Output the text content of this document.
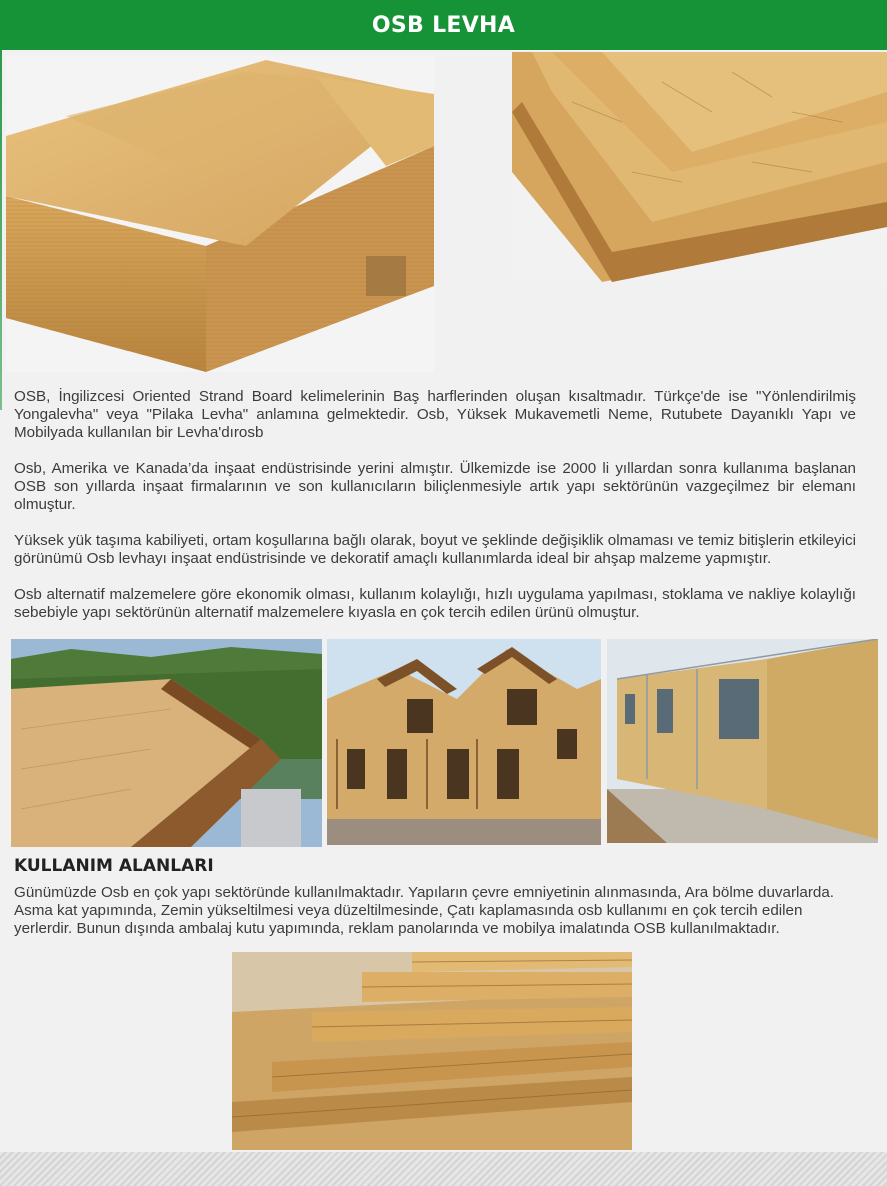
OSB LEVHA
OSB, İngilizcesi Oriented Strand Board kelimelerinin Baş harflerinden oluşan kısaltmadır. Türkçe'de ise "Yönlendirilmiş Yongalevha" veya "Pilaka Levha" anlamına gelmektedir. Osb, Yüksek Mukavemetli Neme, Rutubete Dayanıklı Yapı ve Mobilyada kullanılan bir Levha'dırosb
Osb, Amerika ve Kanada’da inşaat endüstrisinde yerini almıştır. Ülkemizde ise 2000 li yıllardan sonra kullanıma başlanan OSB son yıllarda inşaat firmalarının ve son kullanıcıların biliçlenmesiyle artık yapı sektörünün vazgeçilmez bir elemanı olmuştur.
Yüksek yük taşıma kabiliyeti, ortam koşullarına bağlı olarak, boyut ve şeklinde değişiklik olmaması ve temiz bitişlerin etkileyici görünümü Osb levhayı inşaat endüstrisinde ve dekoratif amaçlı kullanımlarda ideal bir ahşap malzeme yapmıştır.
Osb alternatif malzemelere göre ekonomik olması, kullanım kolaylığı, hızlı uygulama yapılması, stoklama ve nakliye kolaylığı sebebiyle yapı sektörünün alternatif malzemelere kıyasla en çok tercih edilen ürünü olmuştur.
KULLANIM ALANLARI
Günümüzde Osb en çok yapı sektöründe kullanılmaktadır. Yapıların çevre emniyetinin alınmasında, Ara bölme duvarlarda. Asma kat yapımında, Zemin yükseltilmesi veya düzeltilmesinde, Çatı kaplamasında osb kullanımı en çok tercih edilen yerlerdir. Bunun dışında ambalaj kutu yapımında, reklam panolarında ve mobilya imalatında OSB kullanılmaktadır.
